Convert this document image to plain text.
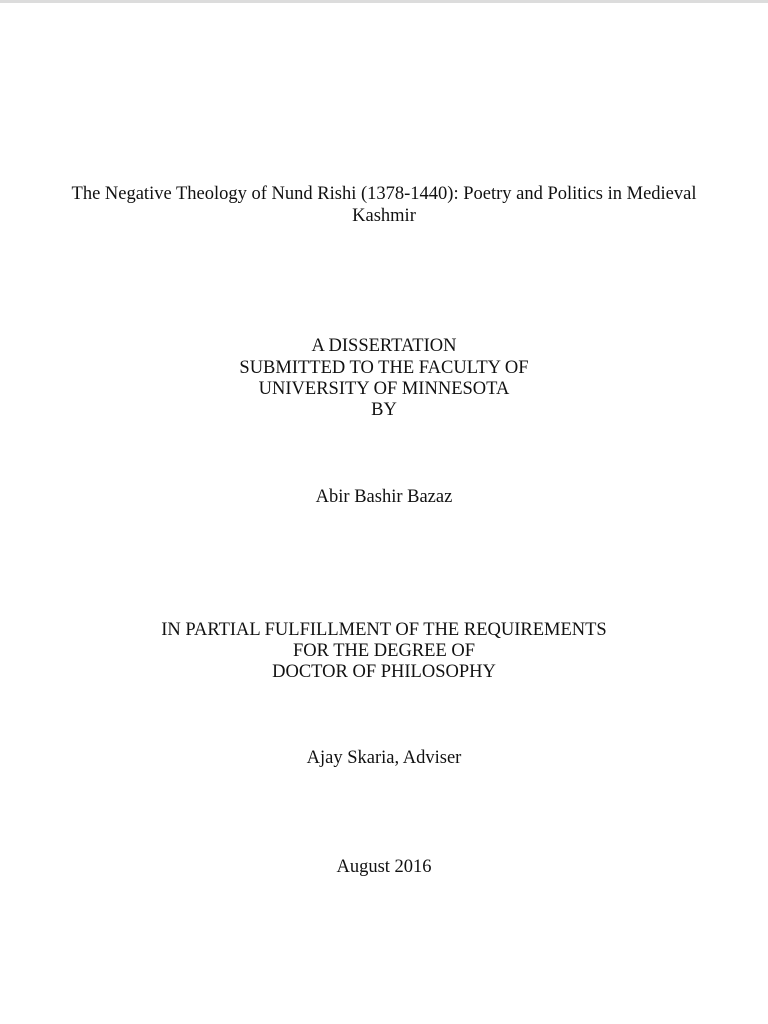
The Negative Theology of Nund Rishi (1378-1440): Poetry and Politics in Medieval
Kashmir
A DISSERTATION
SUBMITTED TO THE FACULTY OF
UNIVERSITY OF MINNESOTA
BY
Abir Bashir Bazaz
IN PARTIAL FULFILLMENT OF THE REQUIREMENTS
FOR THE DEGREE OF
DOCTOR OF PHILOSOPHY
Ajay Skaria, Adviser
August 2016
